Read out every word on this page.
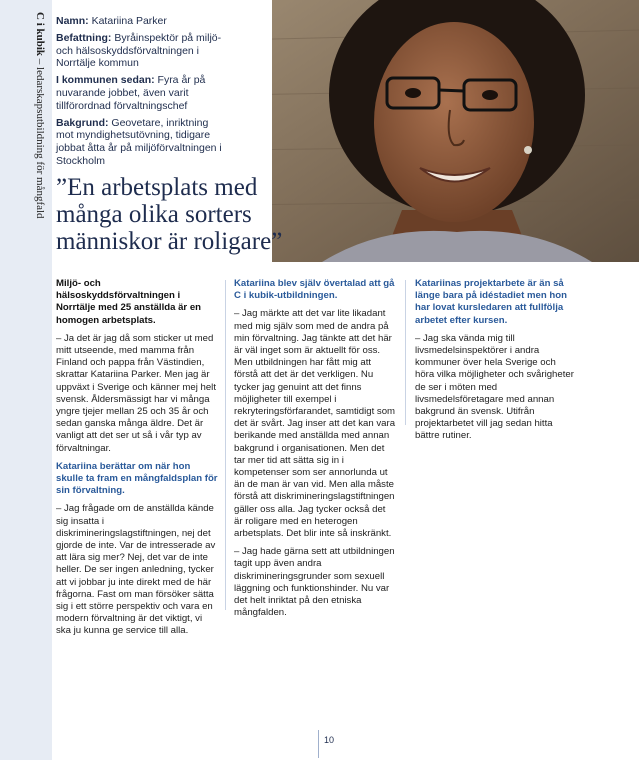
C i kubik – ledarskapsutbildning för mångfald

Namn: Katariina Parker

Befattning: Byråinspektör på miljö- och hälsoskyddsförvaltningen i Norrtälje kommun

I kommunen sedan: Fyra år på nuvarande jobbet, även varit tillförordnad förvaltningschef

Bakgrund: Geovetare, inriktning mot myndighetsutövning, tidigare jobbat åtta år på miljöförvaltningen i Stockholm

”En arbetsplats med
många olika sorters
människor är roligare”

Miljö- och hälsoskyddsförvaltningen i Norrtälje med 25 anställda är en homogen arbetsplats.

– Ja det är jag då som sticker ut med mitt utseende, med mamma från Finland och pappa från Västindien, skrattar Katariina Parker. Men jag är uppväxt i Sverige och känner mej helt svensk. Åldersmässigt har vi många yngre tjejer mellan 25 och 35 år och sedan ganska många äldre. Det är vanligt att det ser ut så i vår typ av förvaltningar.

Katariina berättar om när hon skulle ta fram en mångfaldsplan för sin förvaltning.

– Jag frågade om de anställda kände sig insatta i diskrimineringslagstiftningen, nej det gjorde de inte. Var de intresserade av att lära sig mer? Nej, det var de inte heller. De ser ingen anledning, tycker att vi jobbar ju inte direkt med de här frågorna. Fast om man försöker sätta sig i ett större perspektiv och vara en modern förvaltning är det viktigt, vi ska ju kunna ge service till alla.

Katariina blev själv övertalad att gå C i kubik-utbildningen.

– Jag märkte att det var lite likadant med mig själv som med de andra på min förvaltning. Jag tänkte att det här är väl inget som är aktuellt för oss. Men utbildningen har fått mig att förstå att det är det verkligen. Nu tycker jag genuint att det finns möjligheter till exempel i rekryteringsförfarandet, samtidigt som det är svårt. Jag inser att det kan vara berikande med anställda med annan bakgrund i organisationen. Men det tar mer tid att sätta sig in i kompetenser som ser annorlunda ut än de man är van vid. Men alla måste förstå att diskrimineringslagstiftningen gäller oss alla. Jag tycker också det är roligare med en heterogen arbetsplats. Det blir inte så inskränkt.

– Jag hade gärna sett att utbildningen tagit upp även andra diskrimineringsgrunder som sexuell läggning och funktionshinder. Nu var det helt inriktat på den etniska mångfalden.

Katariinas projektarbete är än så länge bara på idéstadiet men hon har lovat kursledaren att fullfölja arbetet efter kursen.

– Jag ska vända mig till livsmedelsinspektörer i andra kommuner över hela Sverige och höra vilka möjligheter och svårigheter de ser i möten med livsmedelsföretagare med annan bakgrund än svensk. Utifrån projektarbetet vill jag sedan hitta bättre rutiner.

10
